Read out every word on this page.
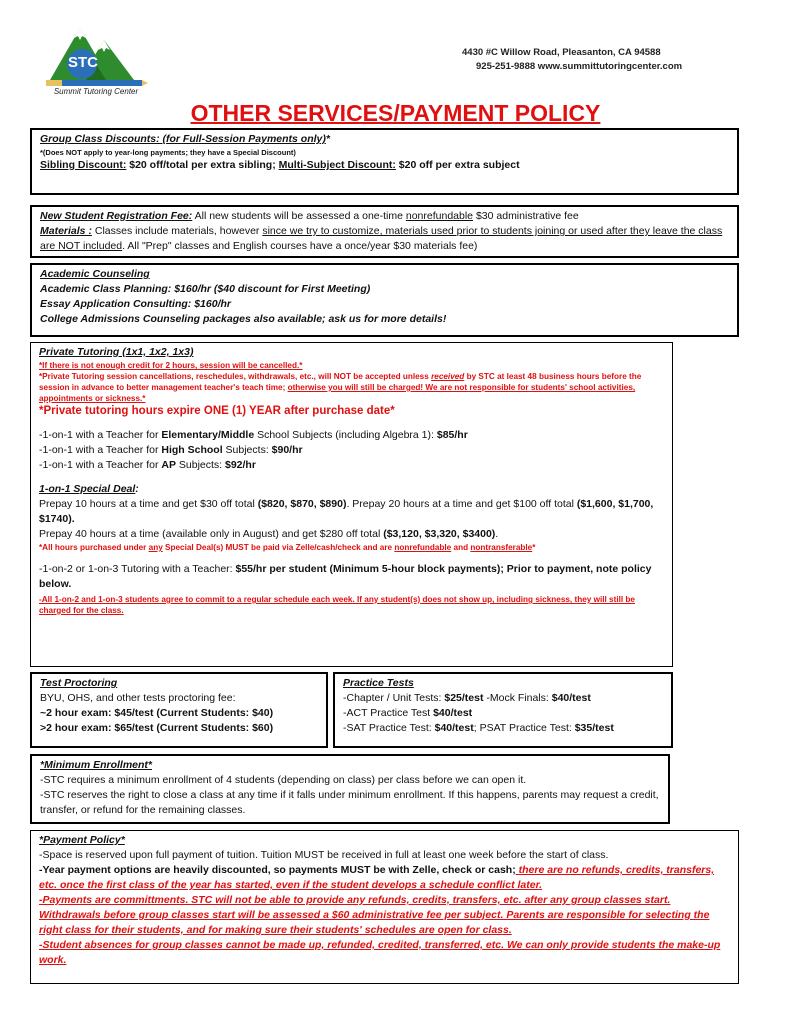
STC
Summit Tutoring Center
4430 #C Willow Road, Pleasanton, CA 94588
925-251-9888 www.summittutoringcenter.com
OTHER SERVICES/PAYMENT POLICY
Group Class Discounts: (for Full-Session Payments only)*
*(Does NOT apply to year-long payments; they have a Special Discount)
Sibling Discount: $20 off/total per extra sibling; Multi-Subject Discount: $20 off per extra subject
New Student Registration Fee: All new students will be assessed a one-time nonrefundable $30 administrative fee
Materials : Classes include materials, however since we try to customize, materials used prior to students joining or used after they leave the class are NOT included. All "Prep" classes and English courses have a once/year $30 materials fee)
Academic Counseling
Academic Class Planning: $160/hr ($40 discount for First Meeting)
Essay Application Consulting: $160/hr
College Admissions Counseling packages also available; ask us for more details!
Private Tutoring (1x1, 1x2, 1x3)
*If there is not enough credit for 2 hours, session will be cancelled.*
*Private Tutoring session cancellations, reschedules, withdrawals, etc., will NOT be accepted unless received by STC at least 48 business hours before the session in advance to better management teacher's teach time; otherwise you will still be charged! We are not responsible for students' school activities, appointments or sickness.*
*Private tutoring hours expire ONE (1) YEAR after purchase date*
-1-on-1 with a Teacher for Elementary/Middle School Subjects (including Algebra 1): $85/hr
-1-on-1 with a Teacher for High School Subjects: $90/hr
-1-on-1 with a Teacher for AP Subjects: $92/hr
1-on-1 Special Deal:
Prepay 10 hours at a time and get $30 off total ($820, $870, $890). Prepay 20 hours at a time and get $100 off total ($1,600, $1,700, $1740).
Prepay 40 hours at a time (available only in August) and get $280 off total ($3,120, $3,320, $3400).
*All hours purchased under any Special Deal(s) MUST be paid via Zelle/cash/check and are nonrefundable and nontransferable*
-1-on-2 or 1-on-3 Tutoring with a Teacher: $55/hr per student (Minimum 5-hour block payments); Prior to payment, note policy below.
-All 1-on-2 and 1-on-3 students agree to commit to a regular schedule each week. If any student(s) does not show up, including sickness, they will still be charged for the class.
Test Proctoring
BYU, OHS, and other tests proctoring fee:
~2 hour exam: $45/test (Current Students: $40)
>2 hour exam: $65/test (Current Students: $60)
Practice Tests
-Chapter / Unit Tests: $25/test -Mock Finals: $40/test
-ACT Practice Test $40/test
-SAT Practice Test: $40/test; PSAT Practice Test: $35/test
*Minimum Enrollment*
-STC requires a minimum enrollment of 4 students (depending on class) per class before we can open it.
-STC reserves the right to close a class at any time if it falls under minimum enrollment. If this happens, parents may request a credit, transfer, or refund for the remaining classes.
*Payment Policy*
-Space is reserved upon full payment of tuition. Tuition MUST be received in full at least one week before the start of class.
-Year payment options are heavily discounted, so payments MUST be with Zelle, check or cash; there are no refunds, credits, transfers, etc. once the first class of the year has started, even if the student develops a schedule conflict later.
-Payments are committments. STC will not be able to provide any refunds, credits, transfers, etc. after any group classes start. Withdrawals before group classes start will be assessed a $60 administrative fee per subject. Parents are responsible for selecting the right class for their students, and for making sure their students' schedules are open for class.
-Student absences for group classes cannot be made up, refunded, credited, transferred, etc. We can only provide students the make-up work.
